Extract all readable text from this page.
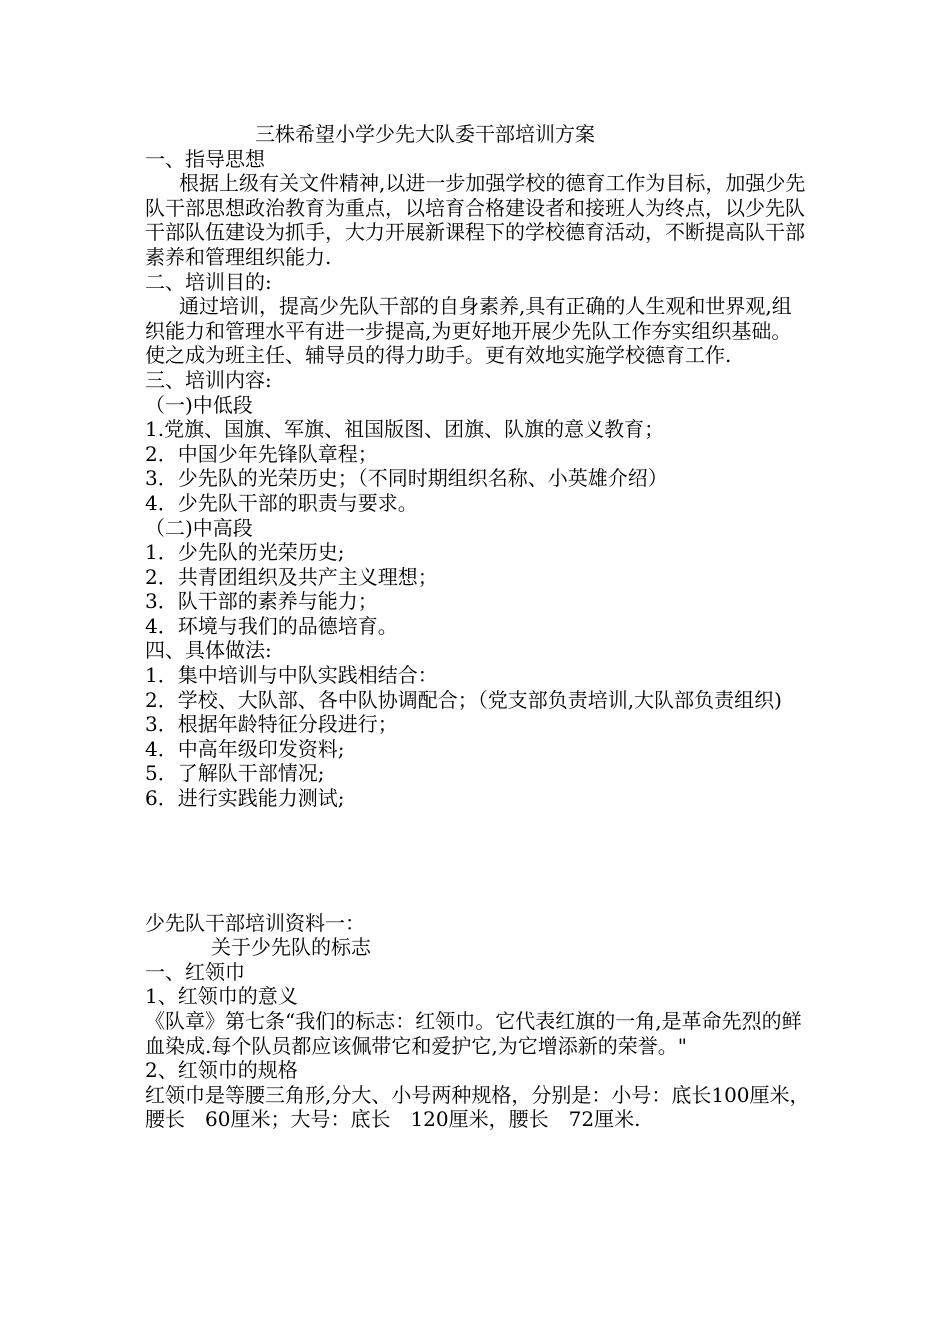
三株希望小学少先大队委干部培训方案
一、指导思想
根据上级有关文件精神,以进一步加强学校的德育工作为目标，加强少先队干部思想政治教育为重点，以培育合格建设者和接班人为终点，以少先队干部队伍建设为抓手，大力开展新课程下的学校德育活动，不断提高队干部素养和管理组织能力.
二、培训目的:
通过培训，提高少先队干部的自身素养,具有正确的人生观和世界观,组织能力和管理水平有进一步提高,为更好地开展少先队工作夯实组织基础。使之成为班主任、辅导员的得力助手。更有效地实施学校德育工作.
三、培训内容:
（一)中低段
1.党旗、国旗、军旗、祖国版图、团旗、队旗的意义教育；
2．中国少年先锋队章程；
3．少先队的光荣历史；（不同时期组织名称、小英雄介绍）
4．少先队干部的职责与要求。
（二)中高段
1．少先队的光荣历史;
2．共青团组织及共产主义理想；
3．队干部的素养与能力；
4．环境与我们的品德培育。
四、具体做法:
1．集中培训与中队实践相结合：
2．学校、大队部、各中队协调配合；（党支部负责培训,大队部负责组织)
3．根据年龄特征分段进行；
4．中高年级印发资料;
5．了解队干部情况;
6．进行实践能力测试;
少先队干部培训资料一：
关于少先队的标志
一、红领巾
1、红领巾的意义
《队章》第七条“我们的标志：红领巾。它代表红旗的一角,是革命先烈的鲜血染成.每个队员都应该佩带它和爱护它,为它增添新的荣誉。"
2、红领巾的规格
红领巾是等腰三角形,分大、小号两种规格，分别是：小号：底长100厘米，腰长　60厘米；大号：底长　120厘米，腰长　72厘米.
